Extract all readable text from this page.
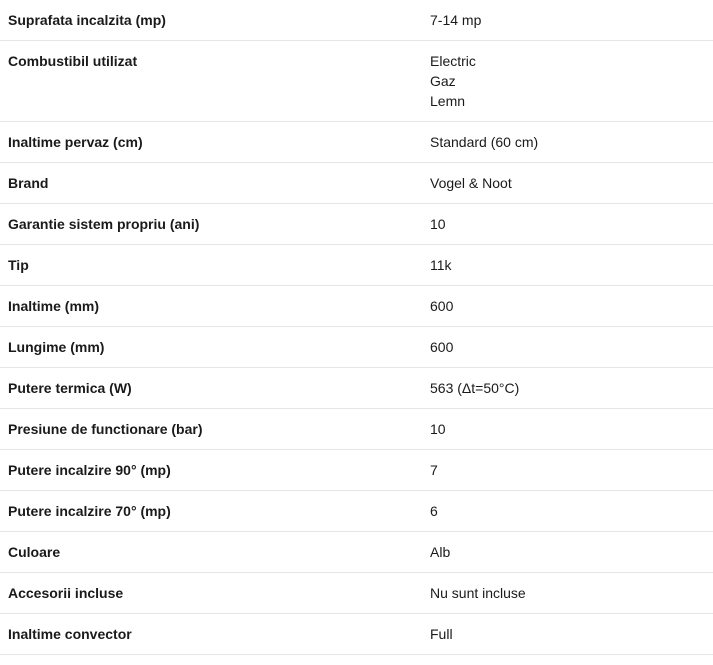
Suprafata incalzita (mp)	7-14 mp

Combustibil utilizat	Electric
Gaz
Lemn

Inaltime pervaz (cm)	Standard (60 cm)

Brand	Vogel & Noot

Garantie sistem propriu (ani)	10

Tip	11k

Inaltime (mm)	600

Lungime (mm)	600

Putere termica (W)	563 (Δt=50°C)

Presiune de functionare (bar)	10

Putere incalzire 90° (mp)	7

Putere incalzire 70° (mp)	6

Culoare	Alb

Accesorii incluse	Nu sunt incluse

Inaltime convector	Full
